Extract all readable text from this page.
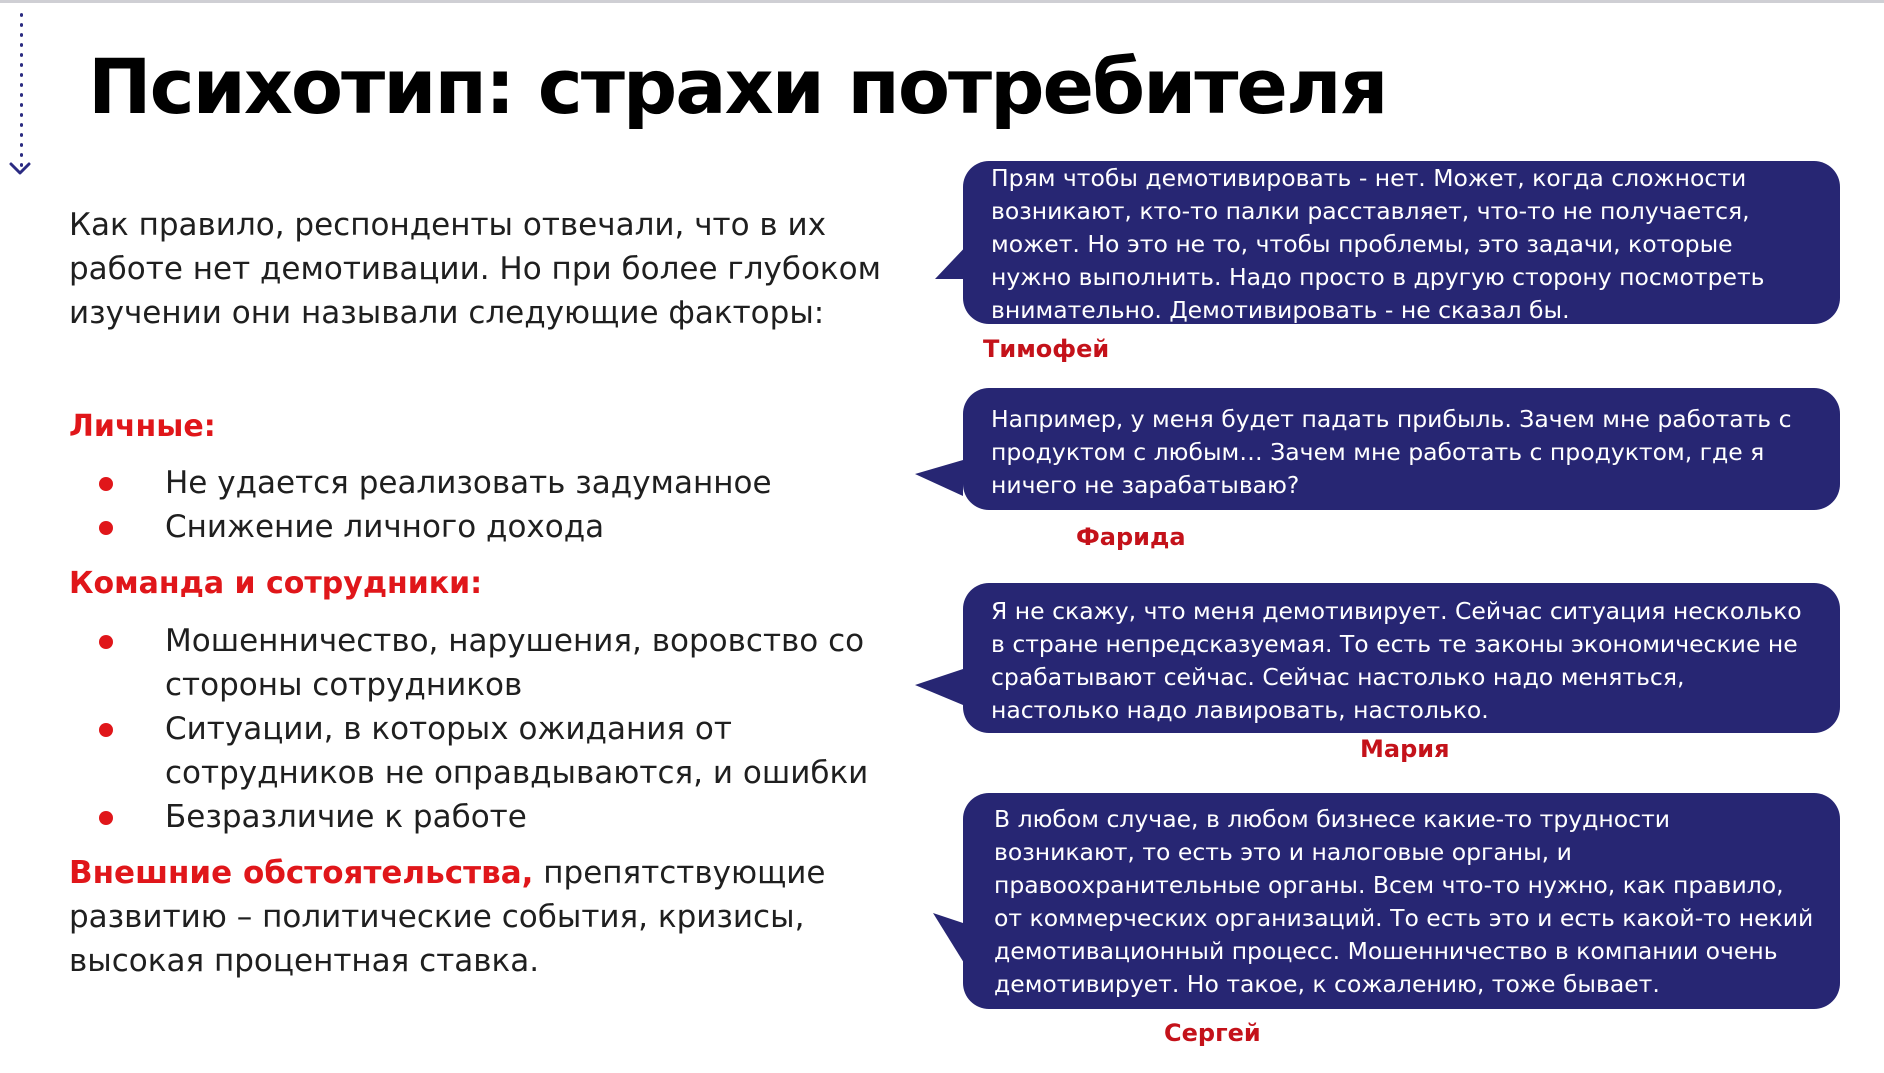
Психотип: страхи потребителя

Как правило, респонденты отвечали, что в их работе нет демотивации. Но при более глубоком изучении они называли следующие факторы:

Личные:
Не удается реализовать задуманное
Снижение личного дохода
Команда и сотрудники:
Мошенничество, нарушения, воровство со стороны сотрудников
Ситуации, в которых ожидания от сотрудников не оправдываются, и ошибки
Безразличие к работе

Внешние обстоятельства, препятствующие развитию – политические события, кризисы, высокая процентная ставка.

Прям чтобы демотивировать - нет. Может, когда сложности возникают, кто-то палки расставляет, что-то не получается, может. Но это не то, чтобы проблемы, это задачи, которые нужно выполнить. Надо просто в другую сторону посмотреть внимательно. Демотивировать - не сказал бы.

Тимофей

Например, у меня будет падать прибыль. Зачем мне работать с продуктом с любым… Зачем мне работать с продуктом, где я ничего не зарабатываю?

Фарида

Я не скажу, что меня демотивирует. Сейчас ситуация несколько в стране непредсказуемая. То есть те законы экономические не срабатывают сейчас. Сейчас настолько надо меняться, настолько надо лавировать, настолько.

Мария

В любом случае, в любом бизнесе какие-то трудности возникают, то есть это и налоговые органы, и правоохранительные органы. Всем что-то нужно, как правило, от коммерческих организаций. То есть это и есть какой-то некий демотивационный процесс. Мошенничество в компании очень демотивирует. Но такое, к сожалению, тоже бывает.

Сергей
